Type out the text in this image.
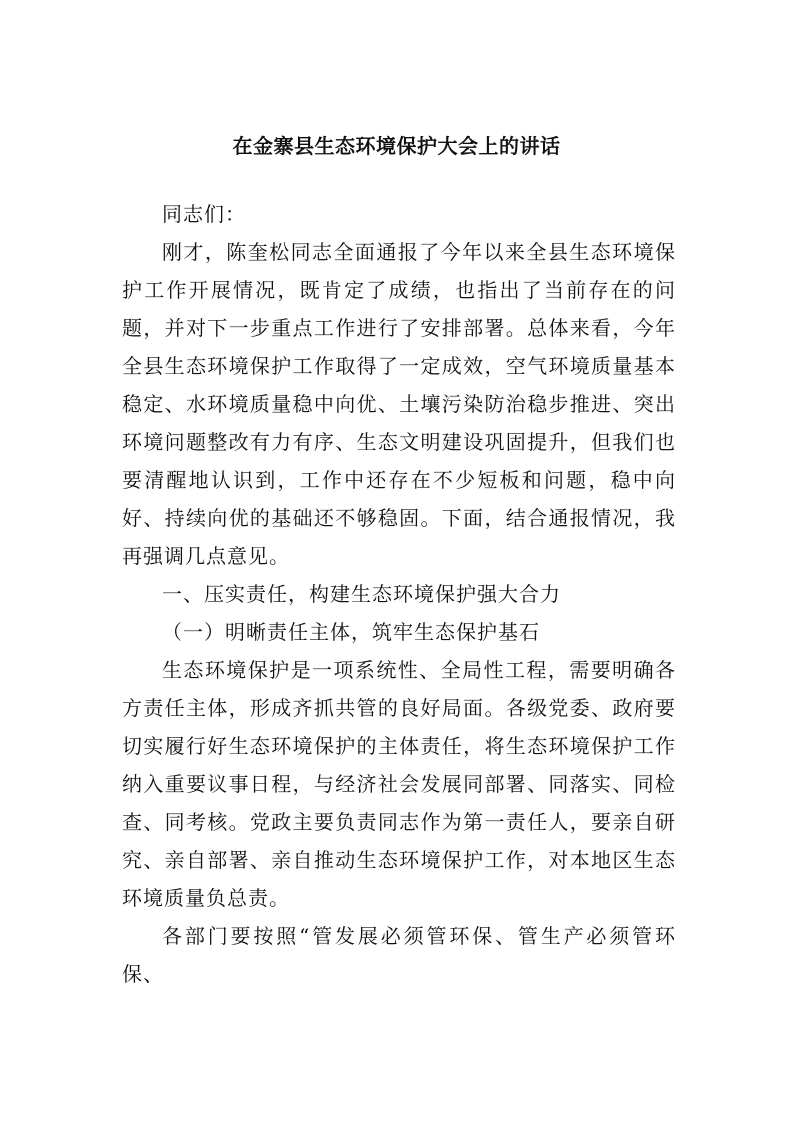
在金寨县生态环境保护大会上的讲话

同志们：

刚才，陈奎松同志全面通报了今年以来全县生态环境保护工作开展情况，既肯定了成绩，也指出了当前存在的问题，并对下一步重点工作进行了安排部署。总体来看，今年全县生态环境保护工作取得了一定成效，空气环境质量基本稳定、水环境质量稳中向优、土壤污染防治稳步推进、突出环境问题整改有力有序、生态文明建设巩固提升，但我们也要清醒地认识到，工作中还存在不少短板和问题，稳中向好、持续向优的基础还不够稳固。下面，结合通报情况，我再强调几点意见。

一、压实责任，构建生态环境保护强大合力

（一）明晰责任主体，筑牢生态保护基石

生态环境保护是一项系统性、全局性工程，需要明确各方责任主体，形成齐抓共管的良好局面。各级党委、政府要切实履行好生态环境保护的主体责任，将生态环境保护工作纳入重要议事日程，与经济社会发展同部署、同落实、同检查、同考核。党政主要负责同志作为第一责任人，要亲自研究、亲自部署、亲自推动生态环境保护工作，对本地区生态环境质量负总责。

各部门要按照“管发展必须管环保、管生产必须管环保、
